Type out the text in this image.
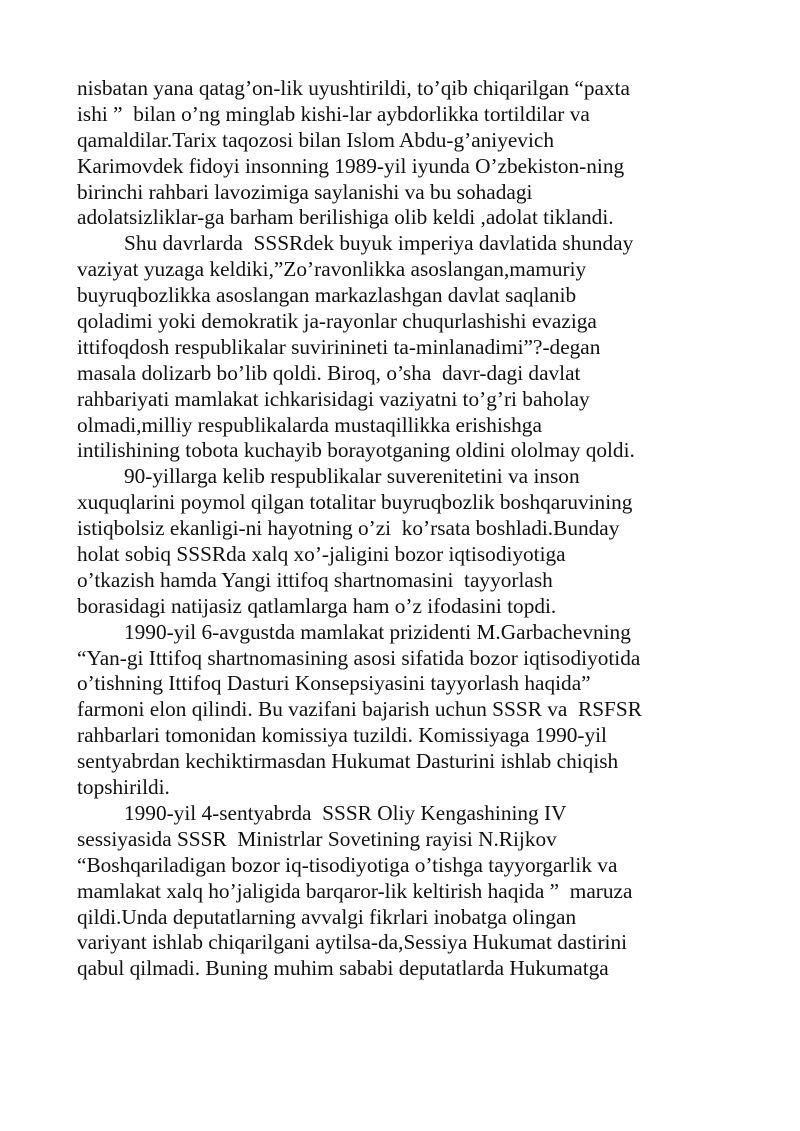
nisbatan yana qatag’on-lik uyushtirildi, to’qib chiqarilgan “paxta
ishi ”  bilan o’ng minglab kishi-lar aybdorlikka tortildilar va
qamaldilar.Tarix taqozosi bilan Islom Abdu-g’aniyevich
Karimovdek fidoyi insonning 1989-yil iyunda O’zbekiston-ning
birinchi rahbari lavozimiga saylanishi va bu sohadagi
adolatsizliklar-ga barham berilishiga olib keldi ,adolat tiklandi.
Shu davrlarda  SSSRdek buyuk imperiya davlatida shunday
vaziyat yuzaga keldiki,”Zo’ravonlikka asoslangan,mamuriy
buyruqbozlikka asoslangan markazlashgan davlat saqlanib
qoladimi yoki demokratik ja-rayonlar chuqurlashishi evaziga
ittifoqdosh respublikalar suvirinineti ta-minlanadimi”?-degan
masala dolizarb bo’lib qoldi. Biroq, o’sha  davr-dagi davlat
rahbariyati mamlakat ichkarisidagi vaziyatni to’g’ri baholay
olmadi,milliy respublikalarda mustaqillikka erishishga
intilishining tobota kuchayib borayotganing oldini ololmay qoldi.
90-yillarga kelib respublikalar suverenitetini va inson
xuquqlarini poymol qilgan totalitar buyruqbozlik boshqaruvining
istiqbolsiz ekanligi-ni hayotning o’zi  ko’rsata boshladi.Bunday
holat sobiq SSSRda xalq xo’-jaligini bozor iqtisodiyotiga
o’tkazish hamda Yangi ittifoq shartnomasini  tayyorlash
borasidagi natijasiz qatlamlarga ham o’z ifodasini topdi.
1990-yil 6-avgustda mamlakat prizidenti M.Garbachevning
“Yan-gi Ittifoq shartnomasining asosi sifatida bozor iqtisodiyotida
o’tishning Ittifoq Dasturi Konsepsiyasini tayyorlash haqida”
farmoni elon qilindi. Bu vazifani bajarish uchun SSSR va  RSFSR
rahbarlari tomonidan komissiya tuzildi. Komissiyaga 1990-yil
sentyabrdan kechiktirmasdan Hukumat Dasturini ishlab chiqish
topshirildi.
1990-yil 4-sentyabrda  SSSR Oliy Kengashining IV
sessiyasida SSSR  Ministrlar Sovetining rayisi N.Rijkov
“Boshqariladigan bozor iq-tisodiyotiga o’tishga tayyorgarlik va
mamlakat xalq ho’jaligida barqaror-lik keltirish haqida ”  maruza
qildi.Unda deputatlarning avvalgi fikrlari inobatga olingan
variyant ishlab chiqarilgani aytilsa-da,Sessiya Hukumat dastirini
qabul qilmadi. Buning muhim sababi deputatlarda Hukumatga
